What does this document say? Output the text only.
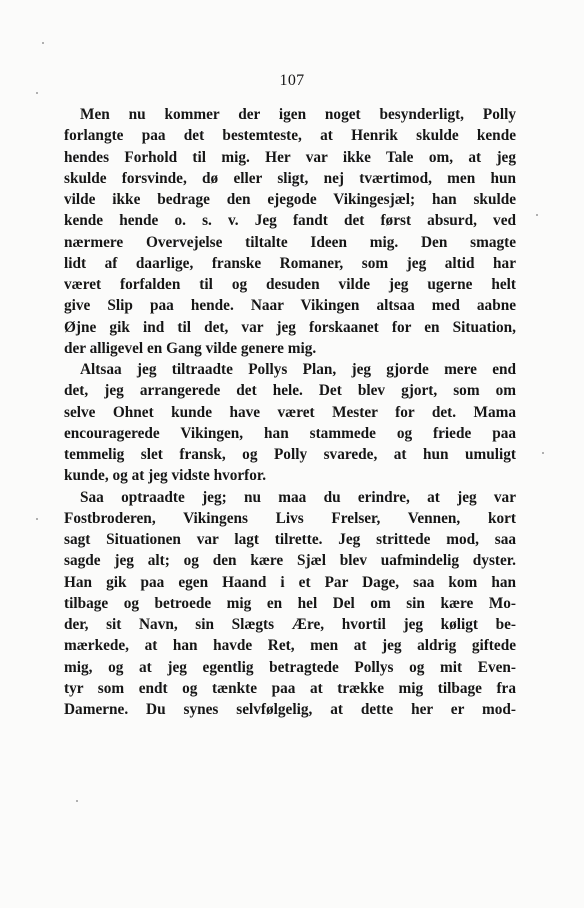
107
Men nu kommer der igen noget besynderligt, Polly
forlangte paa det bestemteste, at Henrik skulde kende
hendes Forhold til mig. Her var ikke Tale om, at jeg
skulde forsvinde, dø eller sligt, nej tværtimod, men hun
vilde ikke bedrage den ejegode Vikingesjæl; han skulde
kende hende o. s. v. Jeg fandt det først absurd, ved
nærmere Overvejelse tiltalte Ideen mig. Den smagte
lidt af daarlige, franske Romaner, som jeg altid har
været forfalden til og desuden vilde jeg ugerne helt
give Slip paa hende. Naar Vikingen altsaa med aabne
Øjne gik ind til det, var jeg forskaanet for en Situation,
der alligevel en Gang vilde genere mig.
Altsaa jeg tiltraadte Pollys Plan, jeg gjorde mere end
det, jeg arrangerede det hele. Det blev gjort, som om
selve Ohnet kunde have været Mester for det. Mama
encouragerede Vikingen, han stammede og friede paa
temmelig slet fransk, og Polly svarede, at hun umuligt
kunde, og at jeg vidste hvorfor.
Saa optraadte jeg; nu maa du erindre, at jeg var
Fostbroderen, Vikingens Livs Frelser, Vennen, kort
sagt Situationen var lagt tilrette. Jeg strittede mod, saa
sagde jeg alt; og den kære Sjæl blev uafmindelig dyster.
Han gik paa egen Haand i et Par Dage, saa kom han
tilbage og betroede mig en hel Del om sin kære Mo-
der, sit Navn, sin Slægts Ære, hvortil jeg køligt be-
mærkede, at han havde Ret, men at jeg aldrig giftede
mig, og at jeg egentlig betragtede Pollys og mit Even-
tyr som endt og tænkte paa at trække mig tilbage fra
Damerne. Du synes selvfølgelig, at dette her er mod-
